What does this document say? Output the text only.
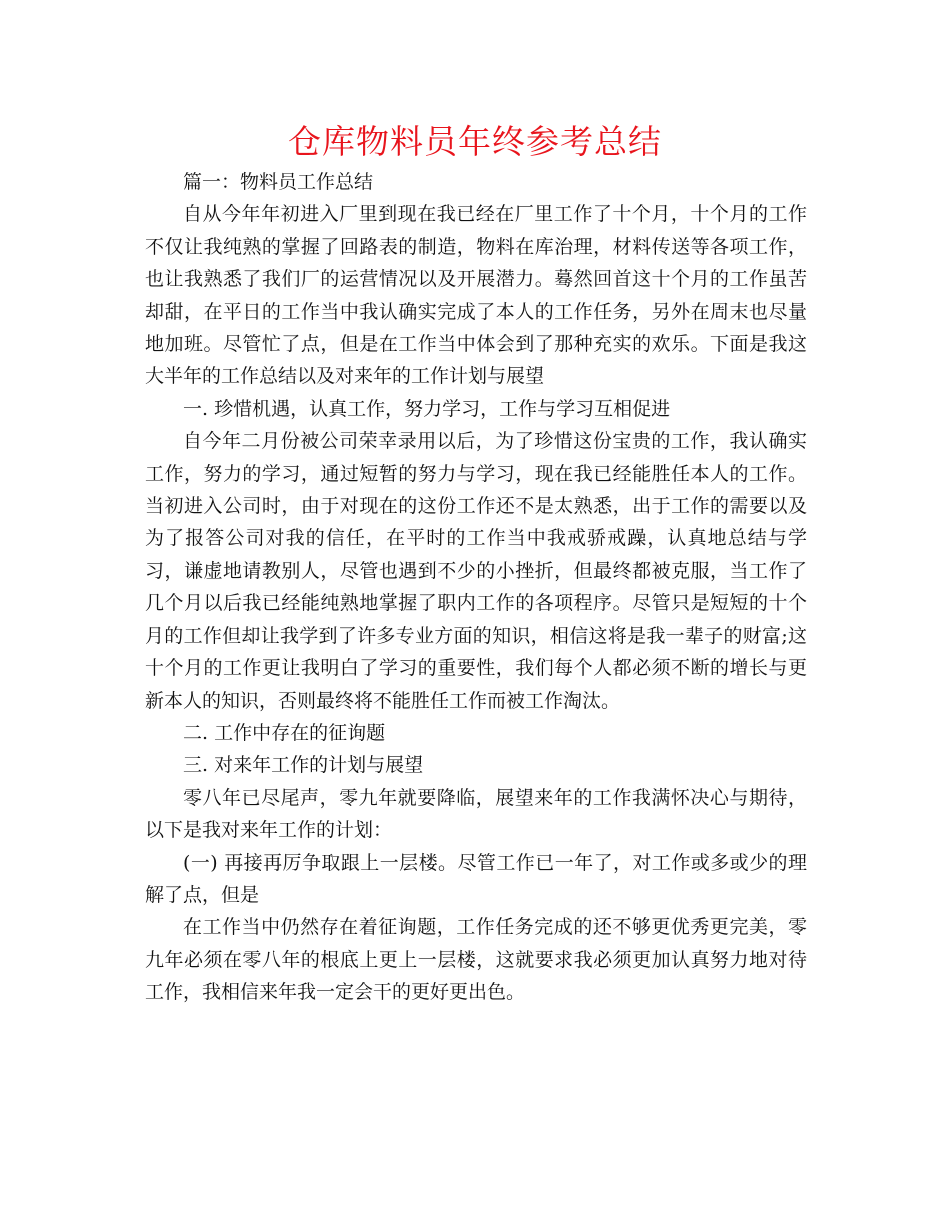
仓库物料员年终参考总结

篇一：物料员工作总结

自从今年年初进入厂里到现在我已经在厂里工作了十个月，十个月的工作不仅让我纯熟的掌握了回路表的制造，物料在库治理，材料传送等各项工作，也让我熟悉了我们厂的运营情况以及开展潜力。蓦然回首这十个月的工作虽苦却甜，在平日的工作当中我认确实完成了本人的工作任务，另外在周末也尽量地加班。尽管忙了点，但是在工作当中体会到了那种充实的欢乐。下面是我这大半年的工作总结以及对来年的工作计划与展望

一. 珍惜机遇，认真工作，努力学习，工作与学习互相促进

自今年二月份被公司荣幸录用以后，为了珍惜这份宝贵的工作，我认确实工作，努力的学习，通过短暂的努力与学习，现在我已经能胜任本人的工作。当初进入公司时，由于对现在的这份工作还不是太熟悉，出于工作的需要以及为了报答公司对我的信任，在平时的工作当中我戒骄戒躁，认真地总结与学习，谦虚地请教别人，尽管也遇到不少的小挫折，但最终都被克服，当工作了几个月以后我已经能纯熟地掌握了职内工作的各项程序。尽管只是短短的十个月的工作但却让我学到了许多专业方面的知识，相信这将是我一辈子的财富;这十个月的工作更让我明白了学习的重要性，我们每个人都必须不断的增长与更新本人的知识，否则最终将不能胜任工作而被工作淘汰。

二. 工作中存在的征询题

三. 对来年工作的计划与展望

零八年已尽尾声，零九年就要降临，展望来年的工作我满怀决心与期待，以下是我对来年工作的计划：

(一) 再接再厉争取跟上一层楼。尽管工作已一年了，对工作或多或少的理解了点，但是

在工作当中仍然存在着征询题，工作任务完成的还不够更优秀更完美，零九年必须在零八年的根底上更上一层楼，这就要求我必须更加认真努力地对待工作，我相信来年我一定会干的更好更出色。
